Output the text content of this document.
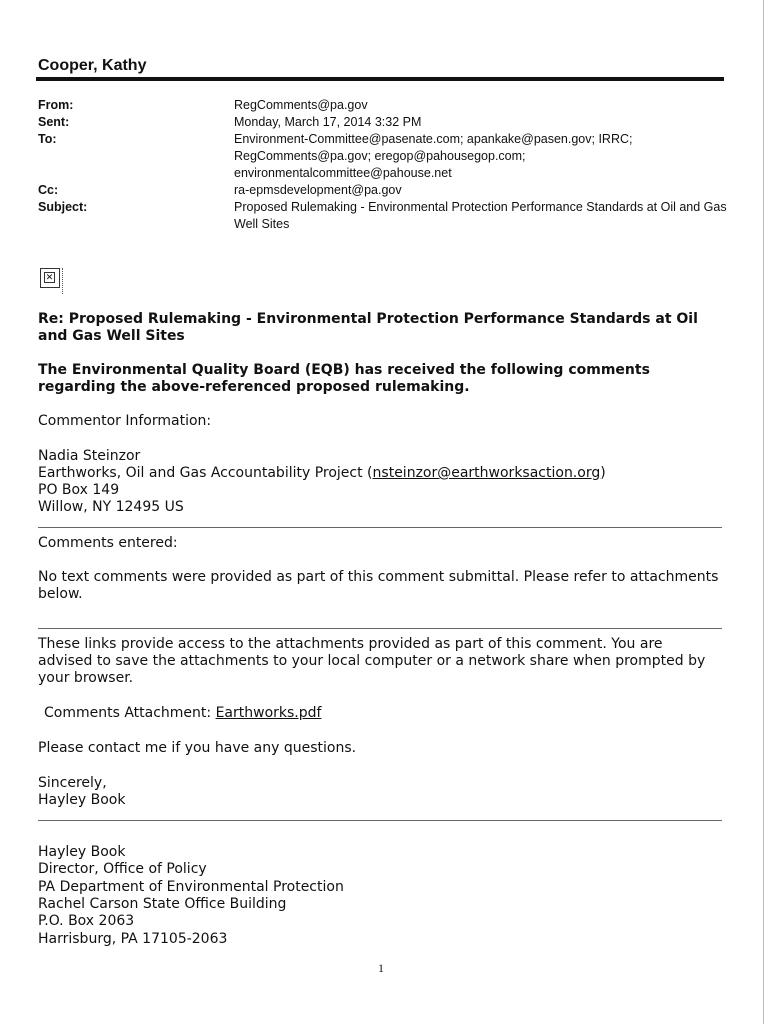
Cooper, Kathy
From:	RegComments@pa.gov
Sent:	Monday, March 17, 2014 3:32 PM
To:	Environment-Committee@pasenate.com; apankake@pasen.gov; IRRC;
RegComments@pa.gov; eregop@pahousegop.com;
environmentalcommittee@pahouse.net
Cc:	ra-epmsdevelopment@pa.gov
Subject:	Proposed Rulemaking - Environmental Protection Performance Standards at Oil and Gas
Well Sites
✕
Re: Proposed Rulemaking - Environmental Protection Performance Standards at Oil
and Gas Well Sites
The Environmental Quality Board (EQB) has received the following comments
regarding the above-referenced proposed rulemaking.
Commentor Information:
Nadia Steinzor
Earthworks, Oil and Gas Accountability Project (nsteinzor@earthworksaction.org)
PO Box 149
Willow, NY 12495 US
Comments entered:
No text comments were provided as part of this comment submittal. Please refer to attachments
below.
These links provide access to the attachments provided as part of this comment. You are
advised to save the attachments to your local computer or a network share when prompted by
your browser.
Comments Attachment: Earthworks.pdf
Please contact me if you have any questions.
Sincerely,
Hayley Book
Hayley Book
Director, Office of Policy
PA Department of Environmental Protection
Rachel Carson State Office Building
P.O. Box 2063
Harrisburg, PA 17105-2063
1
